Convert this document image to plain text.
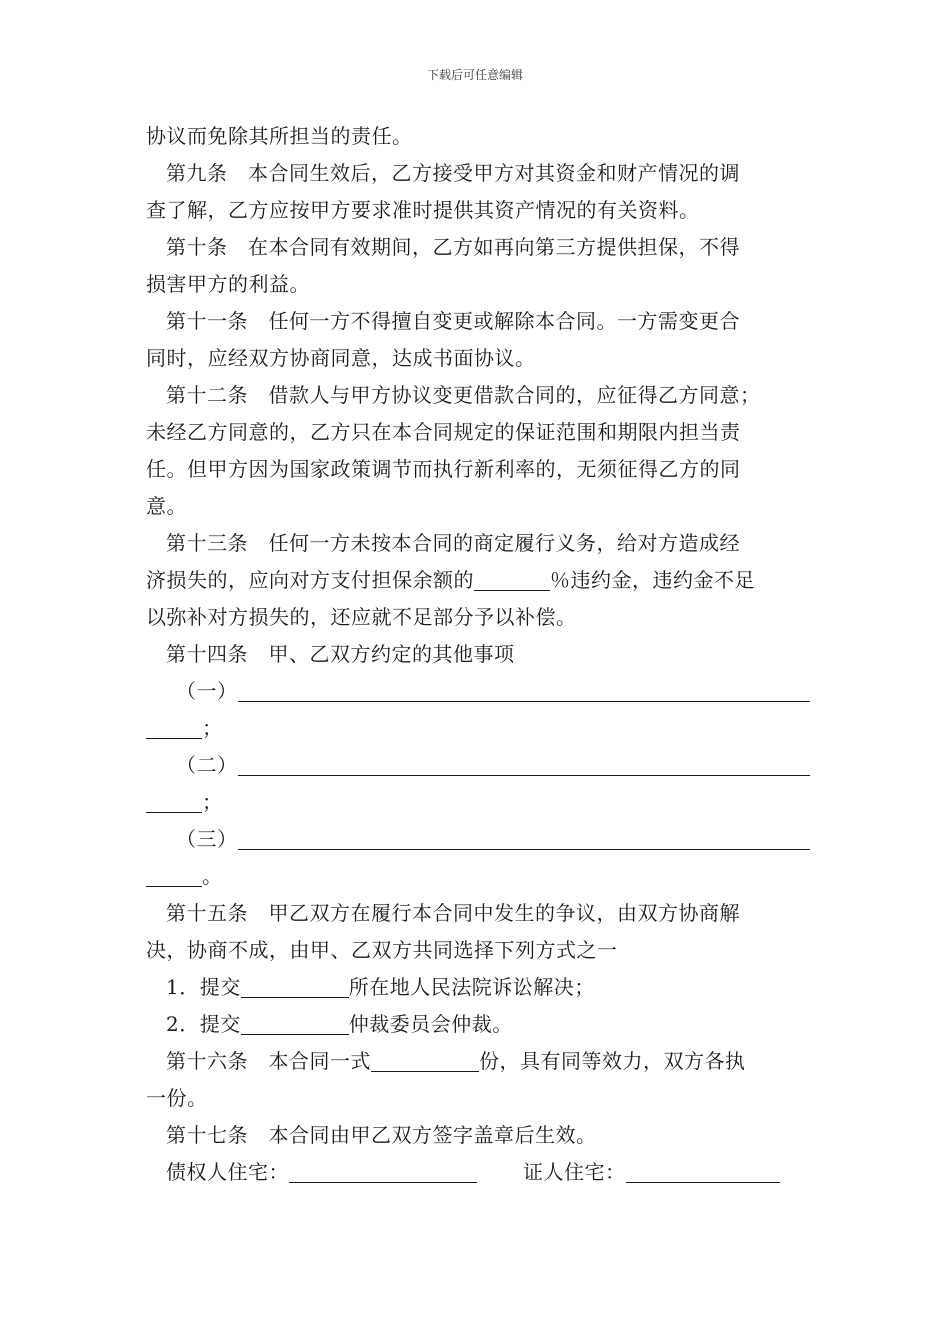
下载后可任意编辑
协议而免除其所担当的责任。
第九条　本合同生效后，乙方接受甲方对其资金和财产情况的调
查了解，乙方应按甲方要求准时提供其资产情况的有关资料。
第十条　在本合同有效期间，乙方如再向第三方提供担保，不得
损害甲方的利益。
第十一条　任何一方不得擅自变更或解除本合同。一方需变更合
同时，应经双方协商同意，达成书面协议。
第十二条　借款人与甲方协议变更借款合同的，应征得乙方同意；
未经乙方同意的，乙方只在本合同规定的保证范围和期限内担当责
任。但甲方因为国家政策调节而执行新利率的，无须征得乙方的同
意。
第十三条　任何一方未按本合同的商定履行义务，给对方造成经
济损失的，应向对方支付担保余额的	％违约金，违约金不足
以弥补对方损失的，还应就不足部分予以补偿。
第十四条　甲、乙双方约定的其他事项
（一）
；
（二）
；
（三）
。
第十五条　甲乙双方在履行本合同中发生的争议，由双方协商解
决，协商不成，由甲、乙双方共同选择下列方式之一
1．提交	所在地人民法院诉讼解决；
2．提交	仲裁委员会仲裁。
第十六条　本合同一式	份，具有同等效力，双方各执
一份。
第十七条　本合同由甲乙双方签字盖章后生效。
债权人住宅：	证人住宅：
